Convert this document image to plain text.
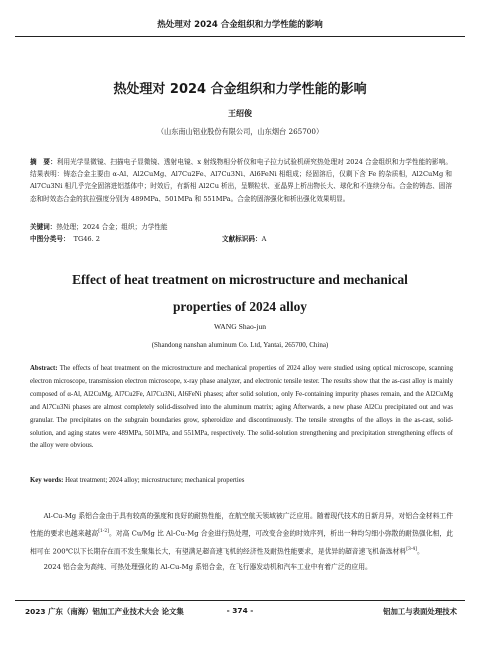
热处理对 2024 合金组织和力学性能的影响
热处理对 2024 合金组织和力学性能的影响
王绍俊
（山东南山铝业股份有限公司，山东烟台 265700）
摘　要：利用光学显微镜、扫描电子显微镜、透射电镜、x 射线物相分析仪和电子拉力试验机研究热处理对 2024 合金组织和力学性能的影响。结果表明：铸态合金主要由 α-Al、Al2CuMg、Al7Cu2Fe、Al7Cu3Ni、Al6FeNi 相组成；经固溶后，仅剩下含 Fe 的杂质相，Al2CuMg 和 Al7Cu3Ni 相几乎完全固溶进铝基体中；时效后，有新相 Al2Cu 析出，呈颗粒状、亚晶界上析出物长大、球化和不连续分布。合金的铸态、固溶态和时效态合金的抗拉强度分别为 489MPa、501MPa 和 551MPa。合金的固溶强化和析出强化效果明显。
关键词：热处理；2024 合金；组织；力学性能
中图分类号： TG46. 2	文献标识码：A
Effect of heat treatment on microstructure and mechanical
properties of 2024 alloy
WANG Shao-jun
(Shandong nanshan aluminum Co. Ltd, Yantai, 265700, China)
Abstract: The effects of heat treatment on the microstructure and mechanical properties of 2024 alloy were studied using optical microscope, scanning electron microscope, transmission electron microscope, x-ray phase analyzer, and electronic tensile tester. The results show that the as-cast alloy is mainly composed of α-Al, Al2CuMg, Al7Cu2Fe, Al7Cu3Ni, Al6FeNi phases; after solid solution, only Fe-containing impurity phases remain, and the Al2CuMg and Al7Cu3Ni phases are almost completely solid-dissolved into the aluminum matrix; aging Afterwards, a new phase Al2Cu precipitated out and was granular. The precipitates on the subgrain boundaries grow, spheroidize and discontinuously. The tensile strengths of the alloys in the as-cast, solid-solution, and aging states were 489MPa, 501MPa, and 551MPa, respectively. The solid-solution strengthening and precipitation strengthening effects of the alloy were obvious.
Key words: Heat treatment; 2024 alloy; microstructure; mechanical properties

Al-Cu-Mg 系铝合金由于具有较高的强度和良好的耐热性能，在航空航天领域被广泛应用。随着现代技术的日新月异，对铝合金材料工件性能的要求也越来越高[1-2]。对高 Cu/Mg 比 Al-Cu-Mg 合金进行热处理，可改变合金的时效序列，析出一种均匀细小弥散的耐热强化相，此相可在 200℃以下长期存在而不发生聚集长大，有望满足超音速飞机的经济性及耐热性能要求，是优异的超音速飞机备选材料[3-4]。

2024 铝合金为高纯、可热处理强化的 Al-Cu-Mg 系铝合金，在飞行器发动机和汽车工业中有着广泛的应用。

- 374 -
2023 广东（南海）铝加工产业技术大会 论文集	铝加工与表面处理技术
